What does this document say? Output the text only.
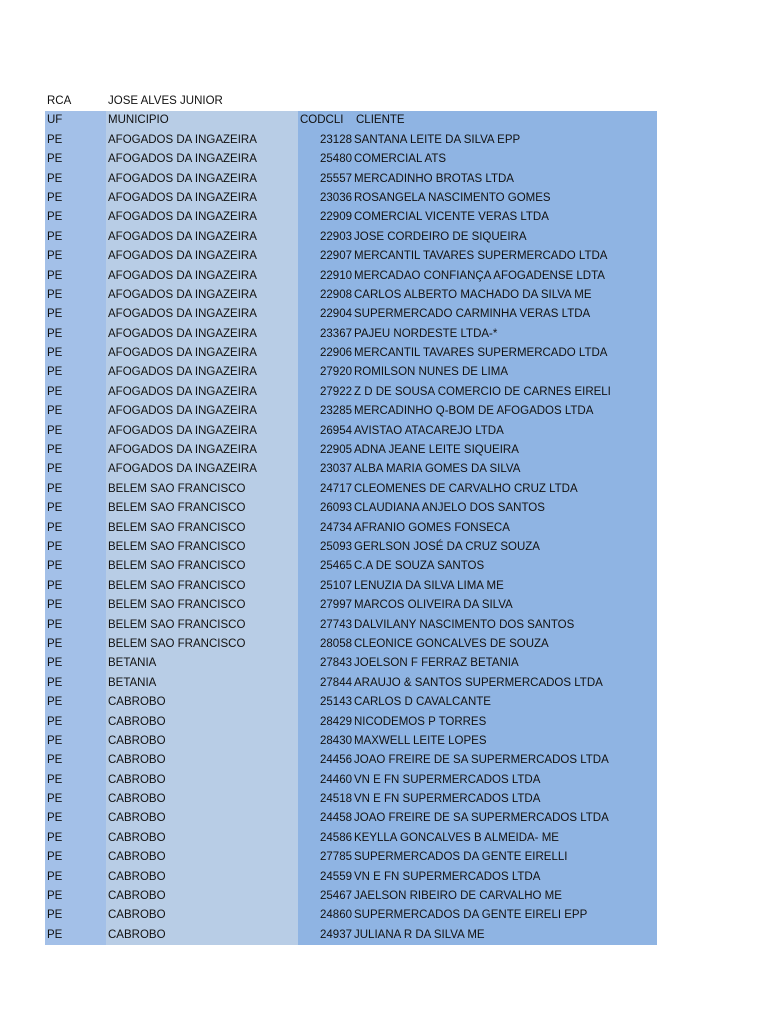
RCA	JOSE ALVES JUNIOR
UF	MUNICIPIO	CODCLI	CLIENTE
PE	AFOGADOS DA INGAZEIRA	23128 SANTANA LEITE DA SILVA EPP
PE	AFOGADOS DA INGAZEIRA	25480 COMERCIAL ATS
PE	AFOGADOS DA INGAZEIRA	25557 MERCADINHO BROTAS LTDA
PE	AFOGADOS DA INGAZEIRA	23036 ROSANGELA NASCIMENTO GOMES
PE	AFOGADOS DA INGAZEIRA	22909 COMERCIAL VICENTE VERAS LTDA
PE	AFOGADOS DA INGAZEIRA	22903 JOSE CORDEIRO DE SIQUEIRA
PE	AFOGADOS DA INGAZEIRA	22907 MERCANTIL TAVARES SUPERMERCADO LTDA
PE	AFOGADOS DA INGAZEIRA	22910 MERCADAO CONFIANÇA AFOGADENSE LDTA
PE	AFOGADOS DA INGAZEIRA	22908 CARLOS ALBERTO MACHADO DA SILVA ME
PE	AFOGADOS DA INGAZEIRA	22904 SUPERMERCADO CARMINHA VERAS LTDA
PE	AFOGADOS DA INGAZEIRA	23367 PAJEU NORDESTE LTDA-*
PE	AFOGADOS DA INGAZEIRA	22906 MERCANTIL TAVARES SUPERMERCADO LTDA
PE	AFOGADOS DA INGAZEIRA	27920 ROMILSON NUNES DE LIMA
PE	AFOGADOS DA INGAZEIRA	27922 Z D DE SOUSA COMERCIO DE CARNES EIRELI
PE	AFOGADOS DA INGAZEIRA	23285 MERCADINHO Q-BOM DE AFOGADOS LTDA
PE	AFOGADOS DA INGAZEIRA	26954 AVISTAO ATACAREJO LTDA
PE	AFOGADOS DA INGAZEIRA	22905 ADNA JEANE LEITE SIQUEIRA
PE	AFOGADOS DA INGAZEIRA	23037 ALBA MARIA GOMES DA SILVA
PE	BELEM SAO FRANCISCO	24717 CLEOMENES DE CARVALHO CRUZ LTDA
PE	BELEM SAO FRANCISCO	26093 CLAUDIANA ANJELO DOS SANTOS
PE	BELEM SAO FRANCISCO	24734 AFRANIO GOMES FONSECA
PE	BELEM SAO FRANCISCO	25093 GERLSON JOSÉ DA CRUZ SOUZA
PE	BELEM SAO FRANCISCO	25465 C.A DE SOUZA SANTOS
PE	BELEM SAO FRANCISCO	25107 LENUZIA DA SILVA LIMA ME
PE	BELEM SAO FRANCISCO	27997 MARCOS OLIVEIRA DA SILVA
PE	BELEM SAO FRANCISCO	27743 DALVILANY NASCIMENTO DOS SANTOS
PE	BELEM SAO FRANCISCO	28058 CLEONICE GONCALVES DE SOUZA
PE	BETANIA	27843 JOELSON F FERRAZ BETANIA
PE	BETANIA	27844 ARAUJO & SANTOS SUPERMERCADOS LTDA
PE	CABROBO	25143 CARLOS D CAVALCANTE
PE	CABROBO	28429 NICODEMOS P TORRES
PE	CABROBO	28430 MAXWELL LEITE LOPES
PE	CABROBO	24456 JOAO FREIRE DE SA SUPERMERCADOS LTDA
PE	CABROBO	24460 VN E FN SUPERMERCADOS LTDA
PE	CABROBO	24518 VN E FN SUPERMERCADOS LTDA
PE	CABROBO	24458 JOAO FREIRE DE SA SUPERMERCADOS LTDA
PE	CABROBO	24586 KEYLLA GONCALVES B ALMEIDA- ME
PE	CABROBO	27785 SUPERMERCADOS DA GENTE EIRELLI
PE	CABROBO	24559 VN E FN SUPERMERCADOS LTDA
PE	CABROBO	25467 JAELSON RIBEIRO DE CARVALHO ME
PE	CABROBO	24860 SUPERMERCADOS DA GENTE EIRELI EPP
PE	CABROBO	24937 JULIANA R DA SILVA ME
